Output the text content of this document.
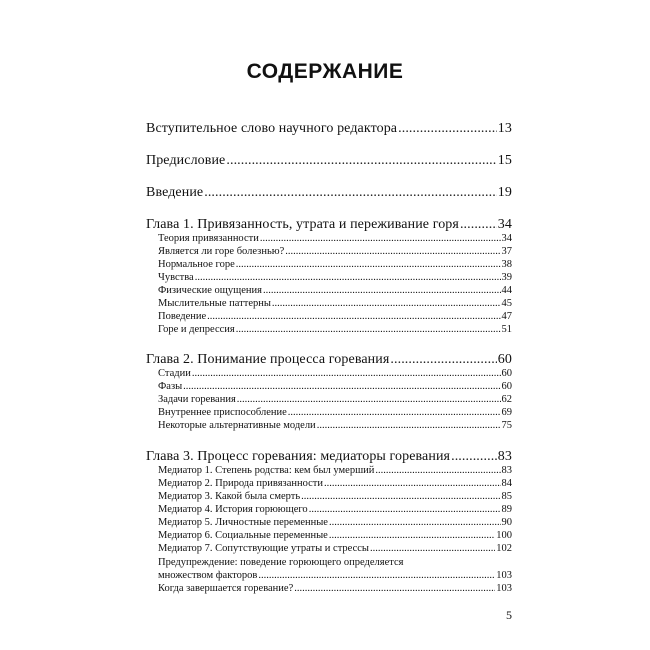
СОДЕРЖАНИЕ
Вступительное слово научного редактора .....	13
Предисловие .....	15
Введение .....	19
Глава 1. Привязанность, утрата и переживание горя .....	34
Теория привязанности .....	34
Является ли горе болезнью? .....	37
Нормальное горе .....	38
Чувства .....	39
Физические ощущения .....	44
Мыслительные паттерны .....	45
Поведение .....	47
Горе и депрессия .....	51
Глава 2. Понимание процесса горевания .....	60
Стадии .....	60
Фазы .....	60
Задачи горевания .....	62
Внутреннее приспособление .....	69
Некоторые альтернативные модели .....	75
Глава 3. Процесс горевания: медиаторы горевания .....	83
Медиатор 1. Степень родства: кем был умерший .....	83
Медиатор 2. Природа привязанности .....	84
Медиатор 3. Какой была смерть .....	85
Медиатор 4. История горюющего .....	89
Медиатор 5. Личностные переменные .....	90
Медиатор 6. Социальные переменные .....	100
Медиатор 7. Сопутствующие утраты и стрессы .....	102
Предупреждение: поведение горюющего определяется
множеством факторов .....	103
Когда завершается горевание? .....	103
5
